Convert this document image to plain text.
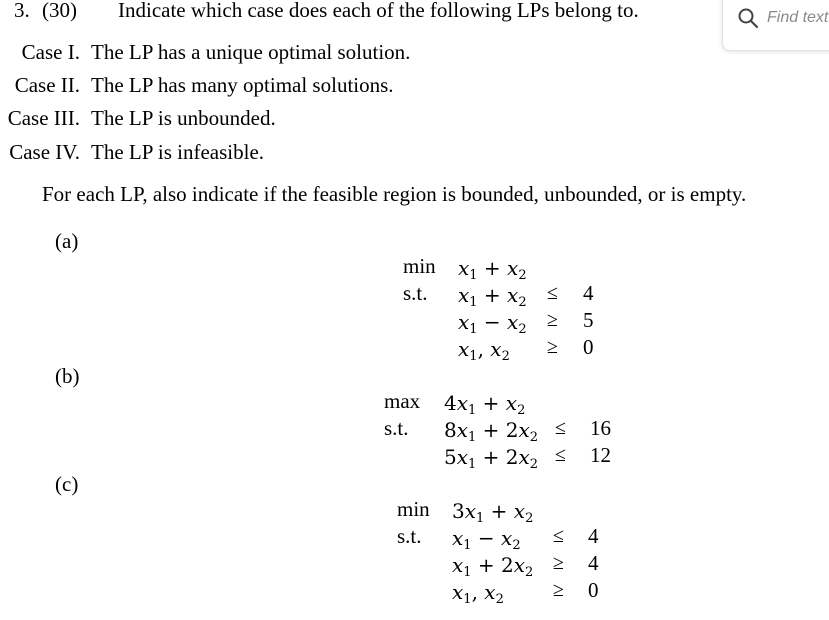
3. (30) Indicate which case does each of the following LPs belong to.
Case I. The LP has a unique optimal solution.
Case II. The LP has many optimal solutions.
Case III. The LP is unbounded.
Case IV. The LP is infeasible.
For each LP, also indicate if the feasible region is bounded, unbounded, or is empty.
(a)
$\min x_1 + x_2$
s.t. $x_1 + x_2 \le 4$
$x_1 - x_2 \ge 5$
$x_1$, $x_2 \ge 0$
(b)
$\max 4x_1 + x_2$
s.t. $8x_1 + 2x_2 \le 16$
$5x_1 + 2x_2 \le 12$
(c)
$\min 3x_1 + x_2$
s.t. $x_1 - x_2 \le 4$
$x_1 + 2x_2 \ge 4$
$x_1$, $x_2 \ge 0$
Find text
